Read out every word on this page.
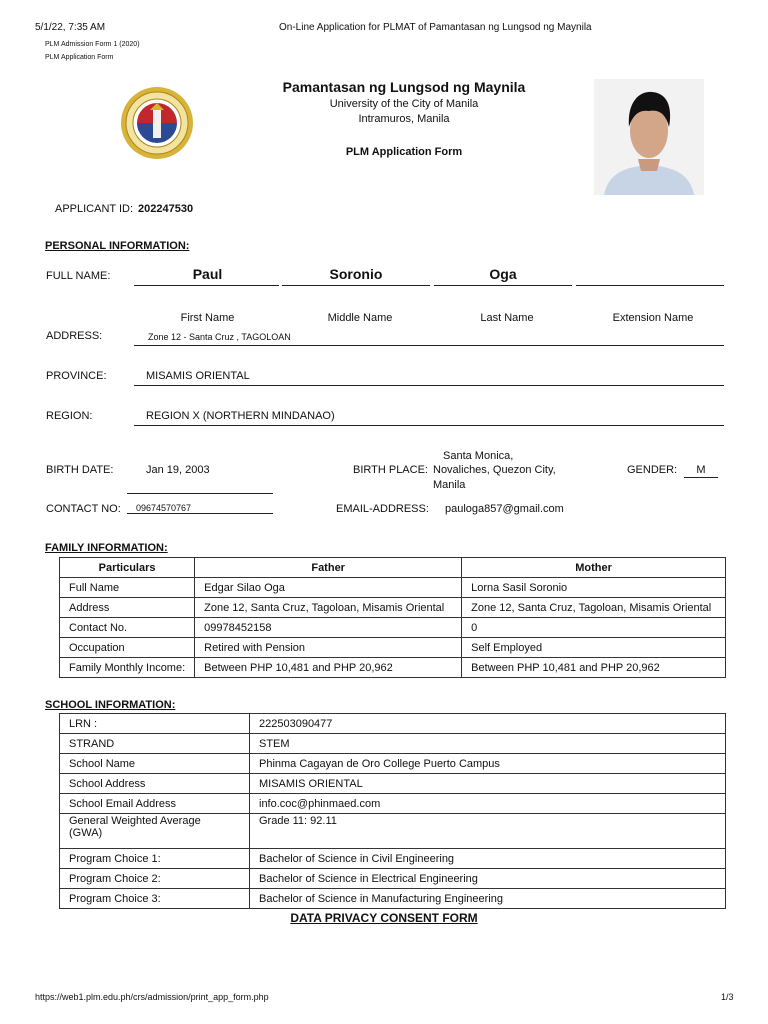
5/1/22, 7:35 AM	On-Line Application for PLMAT of Pamantasan ng Lungsod ng Maynila
PLM Admission Form 1 (2020)
PLM Application Form
Pamantasan ng Lungsod ng Maynila
University of the City of Manila
Intramuros, Manila
PLM Application Form
APPLICANT ID: 202247530
PERSONAL INFORMATION:
FULL NAME:	Paul	Soronio	Oga
First Name	Middle Name	Last Name	Extension Name
ADDRESS:	Zone 12 - Santa Cruz , TAGOLOAN
PROVINCE:	MISAMIS ORIENTAL
REGION:	REGION X (NORTHERN MINDANAO)
BIRTH DATE:	Jan 19, 2003	BIRTH PLACE:
Santa Monica,
Novaliches, Quezon City,
Manila
GENDER:	M
CONTACT NO: 09674570767	EMAIL-ADDRESS: pauloga857@gmail.com
FAMILY INFORMATION:
Particulars	Father	Mother
Full Name	Edgar Silao Oga	Lorna Sasil Soronio
Address	Zone 12, Santa Cruz, Tagoloan, Misamis Oriental	Zone 12, Santa Cruz, Tagoloan, Misamis Oriental
Contact No.	09978452158	0
Occupation	Retired with Pension	Self Employed
Family Monthly Income:	Between PHP 10,481 and PHP 20,962	Between PHP 10,481 and PHP 20,962
SCHOOL INFORMATION:
LRN :	222503090477
STRAND	STEM
School Name	Phinma Cagayan de Oro College Puerto Campus
School Address	MISAMIS ORIENTAL
School Email Address	info.coc@phinmaed.com
General Weighted Average
(GWA)	Grade 11: 92.11
Program Choice 1:	Bachelor of Science in Civil Engineering
Program Choice 2:	Bachelor of Science in Electrical Engineering
Program Choice 3:	Bachelor of Science in Manufacturing Engineering
DATA PRIVACY CONSENT FORM
https://web1.plm.edu.ph/crs/admission/print_app_form.php	1/3
